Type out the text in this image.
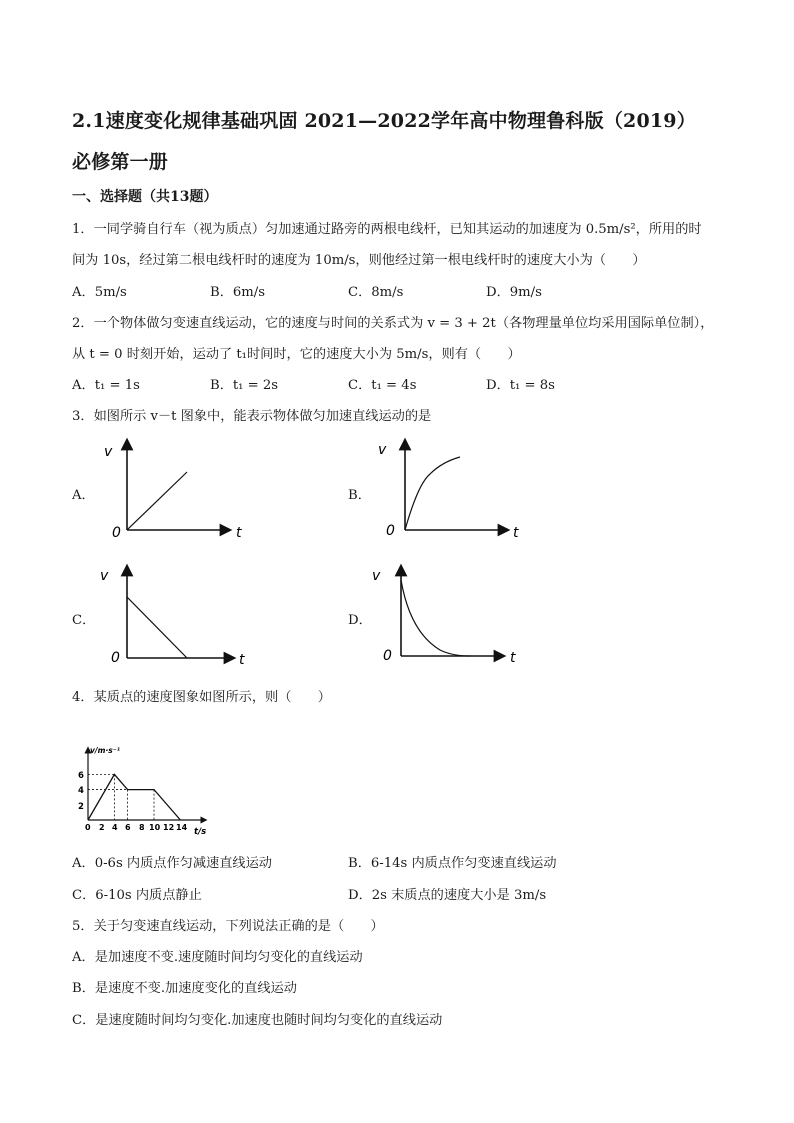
2.1速度变化规律基础巩固 2021—2022学年高中物理鲁科版（2019）
必修第一册
一、选择题（共13题）
1．一同学骑自行车（视为质点）匀加速通过路旁的两根电线杆，已知其运动的加速度为 0.5m/s²，所用的时
间为 10s，经过第二根电线杆时的速度为 10m/s，则他经过第一根电线杆时的速度大小为（　　）
A．5m/s	B．6m/s	C．8m/s	D．9m/s
2．一个物体做匀变速直线运动，它的速度与时间的关系式为 v = 3 + 2t（各物理量单位均采用国际单位制），
从 t = 0 时刻开始，运动了 t₁时间时，它的速度大小为 5m/s，则有（　　）
A．t₁ = 1s	B．t₁ = 2s	C．t₁ = 4s	D．t₁ = 8s
3．如图所示 v－t 图象中，能表示物体做匀加速直线运动的是
A．	B．
C．	D．
v
t
0
v
t
0
v
t
0
v
t
0
4．某质点的速度图象如图所示，则（　　）
v/m·s⁻¹
6
4
2
0 2 4 6 8 10 12 14 t/s
A．0-6s 内质点作匀减速直线运动	B．6-14s 内质点作匀变速直线运动
C．6-10s 内质点静止	D．2s 末质点的速度大小是 3m/s
5．关于匀变速直线运动，下列说法正确的是（　　）
A．是加速度不变.速度随时间均匀变化的直线运动
B．是速度不变.加速度变化的直线运动
C．是速度随时间均匀变化.加速度也随时间均匀变化的直线运动
